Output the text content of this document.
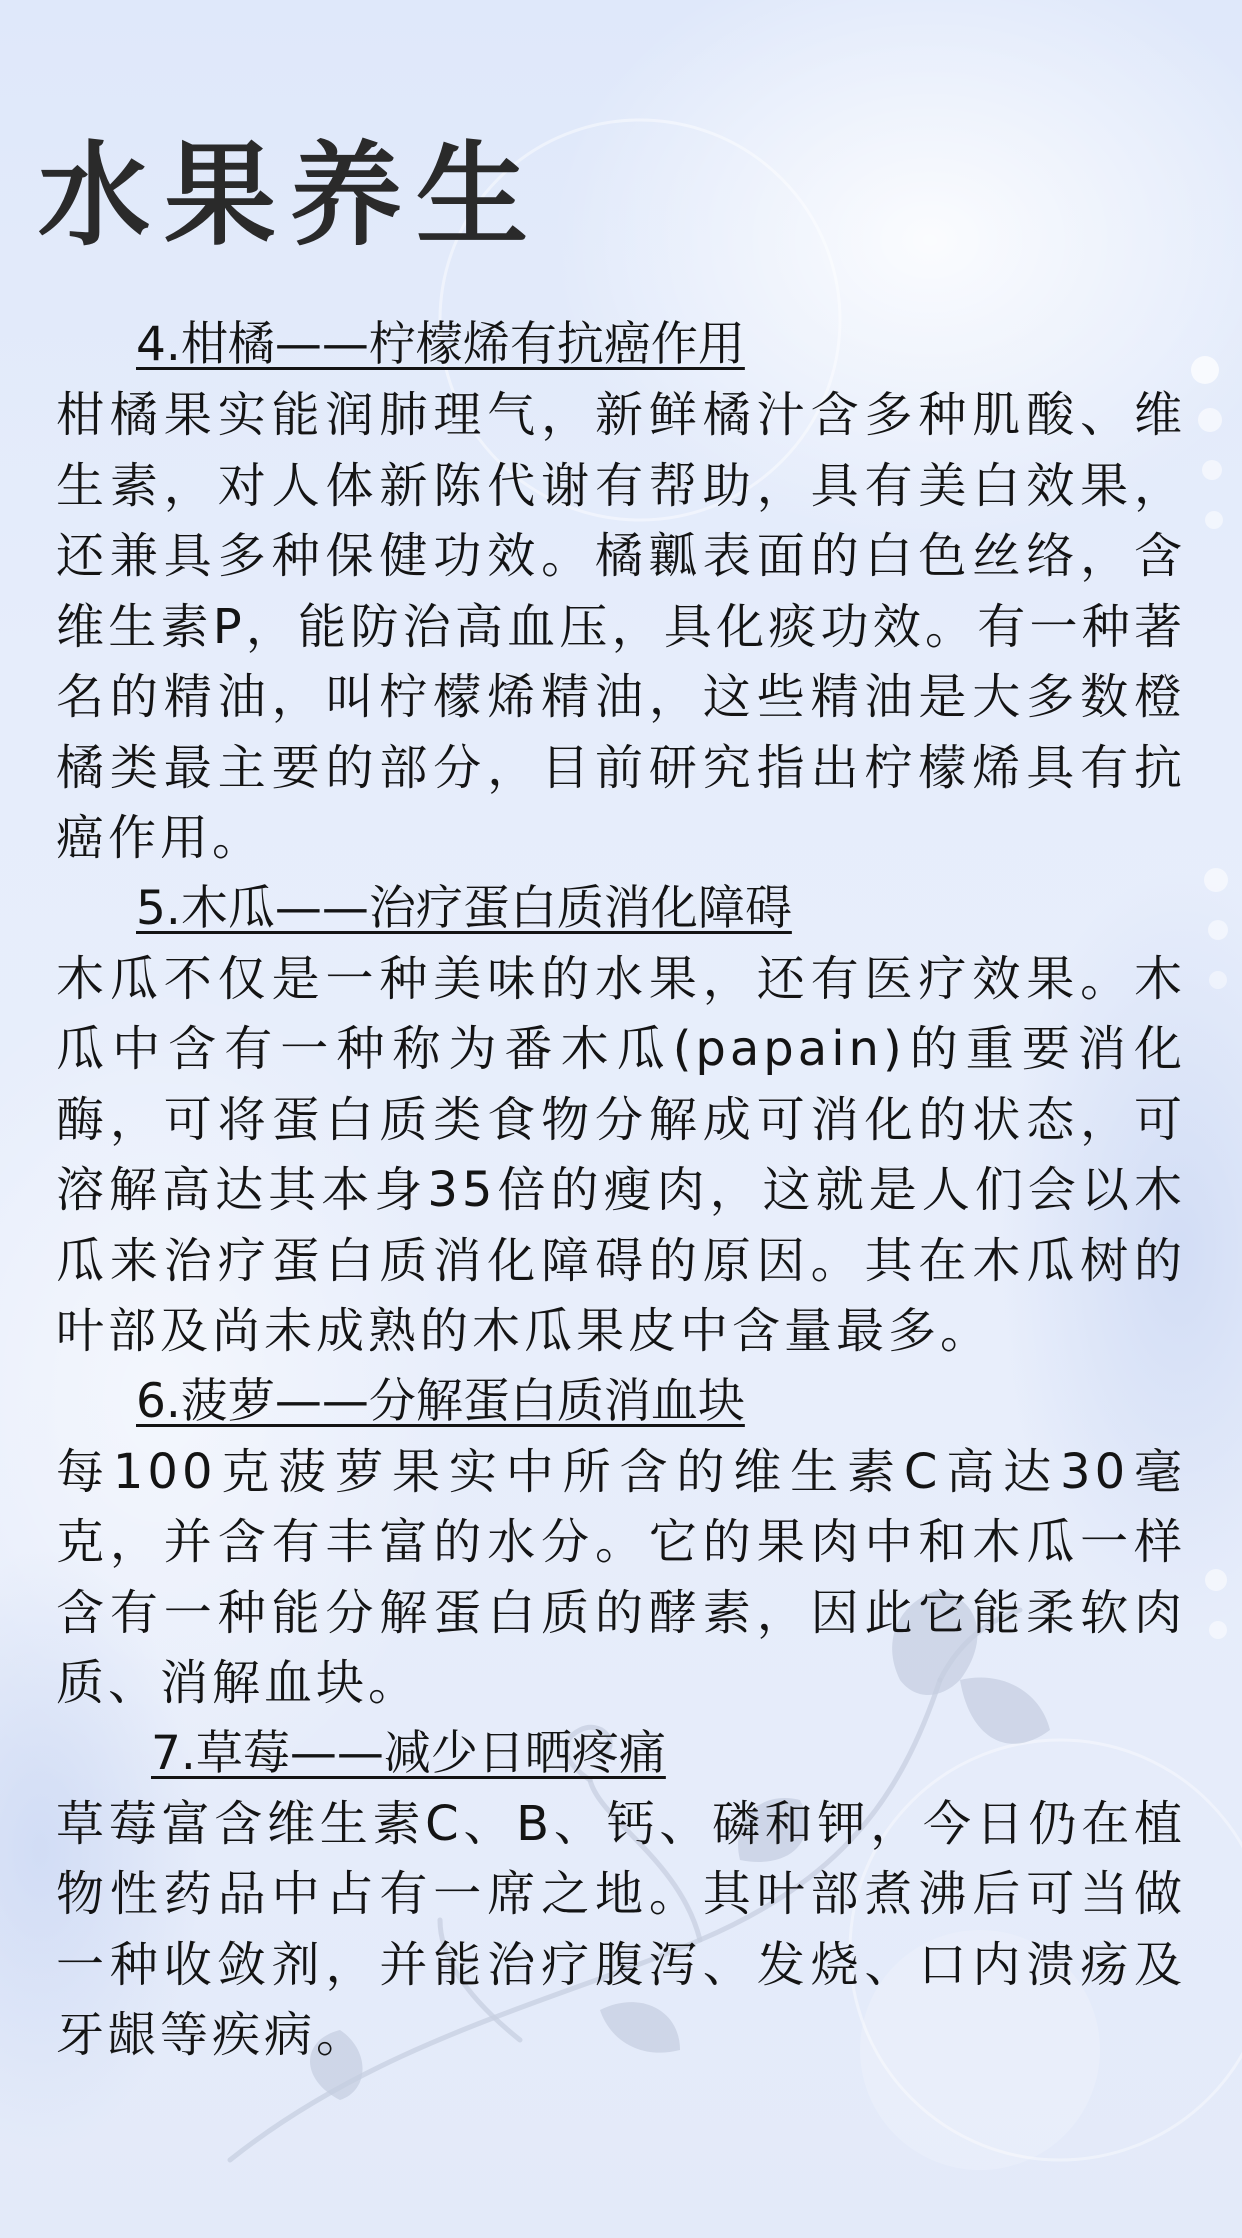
水果养生
4.柑橘——柠檬烯有抗癌作用

柑橘果实能润肺理气，新鲜橘汁含多种肌酸、维生素，对人体新陈代谢有帮助，具有美白效果，还兼具多种保健功效。橘瓤表面的白色丝络，含维生素P，能防治高血压，具化痰功效。有一种著名的精油，叫柠檬烯精油，这些精油是大多数橙橘类最主要的部分，目前研究指出柠檬烯具有抗癌作用。

5.木瓜——治疗蛋白质消化障碍

木瓜不仅是一种美味的水果，还有医疗效果。木瓜中含有一种称为番木瓜(papain)的重要消化酶，可将蛋白质类食物分解成可消化的状态，可溶解高达其本身35倍的瘦肉，这就是人们会以木瓜来治疗蛋白质消化障碍的原因。其在木瓜树的叶部及尚未成熟的木瓜果皮中含量最多。

6.菠萝——分解蛋白质消血块

每100克菠萝果实中所含的维生素C高达30毫克，并含有丰富的水分。它的果肉中和木瓜一样含有一种能分解蛋白质的酵素，因此它能柔软肉质、消解血块。

7.草莓——减少日晒疼痛

草莓富含维生素C、B、钙、磷和钾，今日仍在植物性药品中占有一席之地。其叶部煮沸后可当做一种收敛剂，并能治疗腹泻、发烧、口内溃疡及牙龈等疾病。
